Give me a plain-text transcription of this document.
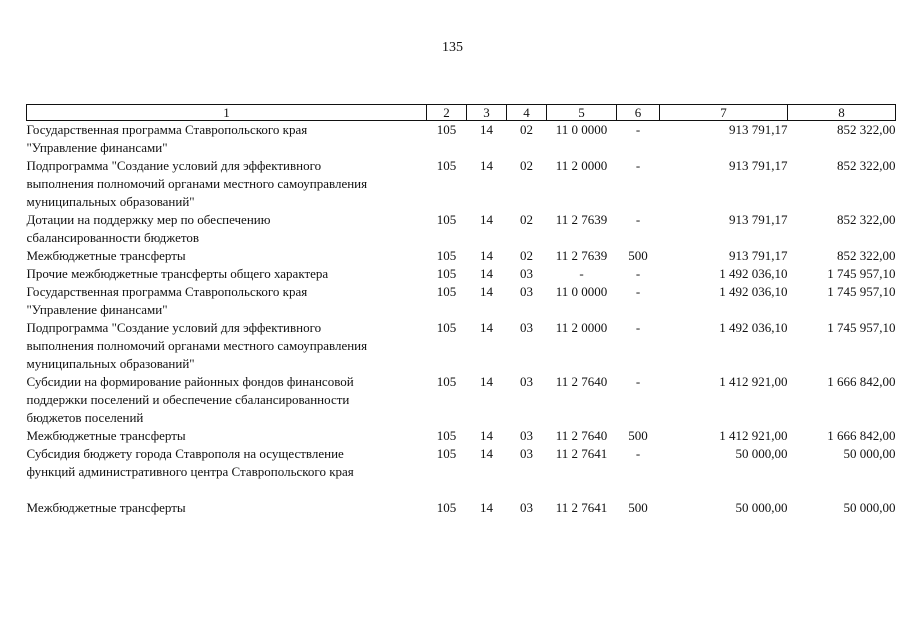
135
1	2	3	4	5	6	7	8

Государственная программа Ставропольского края
"Управление финансами"	105	14	02	11 0 0000	-	913 791,17	852 322,00

Подпрограмма "Создание условий для эффективного
выполнения полномочий органами местного самоуправления
муниципальных образований"	105	14	02	11 2 0000	-	913 791,17	852 322,00

Дотации на поддержку мер по обеспечению
сбалансированности бюджетов	105	14	02	11 2 7639	-	913 791,17	852 322,00

Межбюджетные трансферты	105	14	02	11 2 7639	500	913 791,17	852 322,00

Прочие межбюджетные трансферты общего характера	105	14	03	-	-	1 492 036,10	1 745 957,10

Государственная программа Ставропольского края
"Управление финансами"	105	14	03	11 0 0000	-	1 492 036,10	1 745 957,10

Подпрограмма "Создание условий для эффективного
выполнения полномочий органами местного самоуправления
муниципальных образований"	105	14	03	11 2 0000	-	1 492 036,10	1 745 957,10

Субсидии на формирование районных фондов финансовой
поддержки поселений и обеспечение сбалансированности
бюджетов поселений	105	14	03	11 2 7640	-	1 412 921,00	1 666 842,00

Межбюджетные трансферты	105	14	03	11 2 7640	500	1 412 921,00	1 666 842,00

Субсидия бюджету города Ставрополя на осуществление
функций административного центра Ставропольского края	105	14	03	11 2 7641	-	50 000,00	50 000,00

Межбюджетные трансферты	105	14	03	11 2 7641	500	50 000,00	50 000,00
